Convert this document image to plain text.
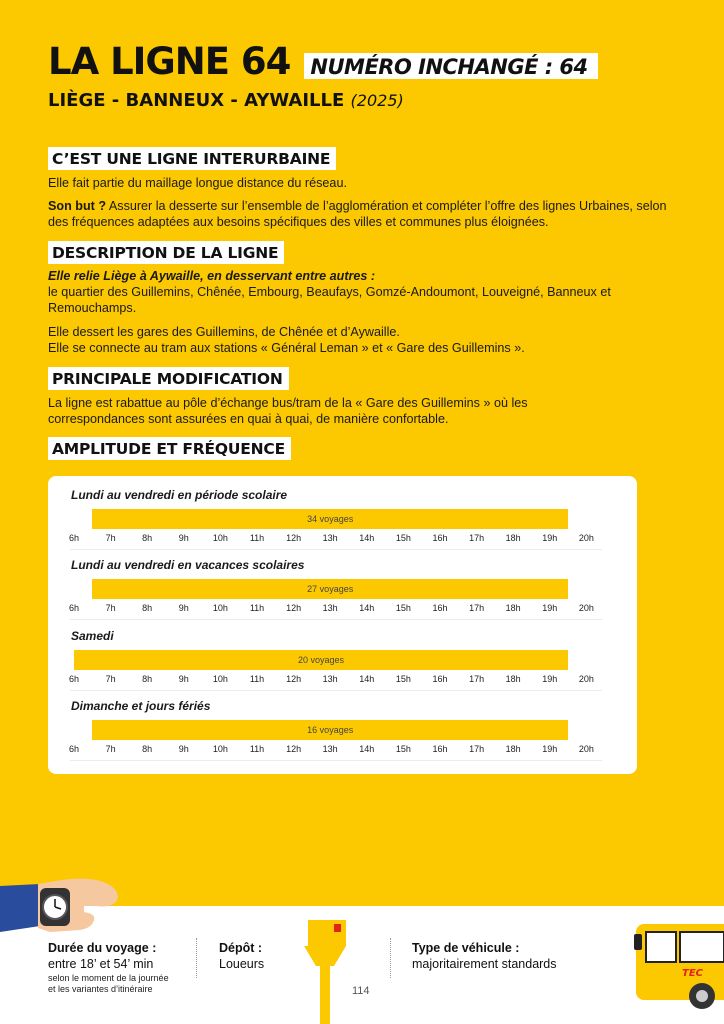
LA LIGNE 64 NUMÉRO INCHANGÉ : 64
LIÈGE - BANNEUX - AYWAILLE (2025)
C’EST UNE LIGNE INTERURBAINE
Elle fait partie du maillage longue distance du réseau.
Son but ? Assurer la desserte sur l’ensemble de l’agglomération et compléter l’offre des lignes Urbaines, selon des fréquences adaptées aux besoins spécifiques des villes et communes plus éloignées.
DESCRIPTION DE LA LIGNE
Elle relie Liège à Aywaille, en desservant entre autres :
le quartier des Guillemins, Chênée, Embourg, Beaufays, Gomzé-Andoumont, Louveigné, Banneux et Remouchamps.
Elle dessert les gares des Guillemins, de Chênée et d’Aywaille.
Elle se connecte au tram aux stations « Général Leman » et « Gare des Guillemins ».
PRINCIPALE MODIFICATION
La ligne est rabattue au pôle d’échange bus/tram de la « Gare des Guillemins » où les correspondances sont assurées en quai à quai, de manière confortable.
AMPLITUDE ET FRÉQUENCE
Lundi au vendredi en période scolaire
34 voyages
6h	7h	8h	9h	10h	11h	12h	13h	14h	15h	16h	17h	18h	19h	20h
Lundi au vendredi en vacances scolaires
27 voyages
6h	7h	8h	9h	10h	11h	12h	13h	14h	15h	16h	17h	18h	19h	20h
Samedi
20 voyages
6h	7h	8h	9h	10h	11h	12h	13h	14h	15h	16h	17h	18h	19h	20h
Dimanche et jours fériés
16 voyages
6h	7h	8h	9h	10h	11h	12h	13h	14h	15h	16h	17h	18h	19h	20h
Durée du voyage :
entre 18’ et 54’ min
selon le moment de la journée
et les variantes d’itinéraire
Dépôt :
Loueurs
114
Type de véhicule :
majoritairement standards
TEC
